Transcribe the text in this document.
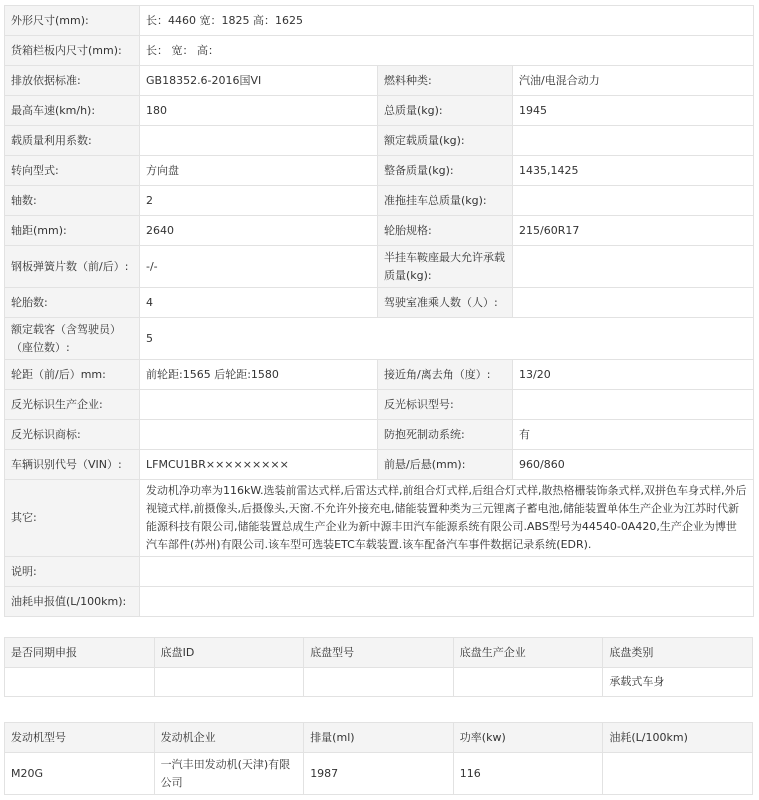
外形尺寸(mm):	长：4460 宽：1825 高：1625		
货箱栏板内尺寸(mm):	长： 宽： 高：		
排放依据标准:	GB18352.6-2016国VI	燃料种类:	汽油/电混合动力
最高车速(km/h):	180	总质量(kg):	1945
载质量利用系数:		额定载质量(kg):	
转向型式:	方向盘	整备质量(kg):	1435,1425
轴数:	2	准拖挂车总质量(kg):	
轴距(mm):	2640	轮胎规格:	215/60R17
钢板弹簧片数（前/后）:	-/-	半挂车鞍座最大允许承载质量(kg):	
轮胎数:	4	驾驶室准乘人数（人）:	
额定载客（含驾驶员）（座位数）:	5		
轮距（前/后）mm:	前轮距:1565 后轮距:1580	接近角/离去角（度）:	13/20
反光标识生产企业:		反光标识型号:	
反光标识商标:		防抱死制动系统:	有
车辆识别代号（VIN）:	LFMCU1BR×××××××××	前悬/后悬(mm):	960/860
其它:	发动机净功率为116kW.选装前雷达式样,后雷达式样,前组合灯式样,后组合灯式样,散热格栅装饰条式样,双拼色车身式样,外后视镜式样,前摄像头,后摄像头,天窗.不允许外接充电,储能装置种类为三元锂离子蓄电池,储能装置单体生产企业为江苏时代新能源科技有限公司,储能装置总成生产企业为新中源丰田汽车能源系统有限公司.ABS型号为44540-0A420,生产企业为博世汽车部件(苏州)有限公司.该车型可选装ETC车载装置.该车配备汽车事件数据记录系统(EDR).		
说明:			
油耗申报值(L/100km):			
是否同期申报	底盘ID	底盘型号	底盘生产企业	底盘类别
				承载式车身
发动机型号	发动机企业	排量(ml)	功率(kw)	油耗(L/100km)
M20G	一汽丰田发动机(天津)有限公司	1987	116	
